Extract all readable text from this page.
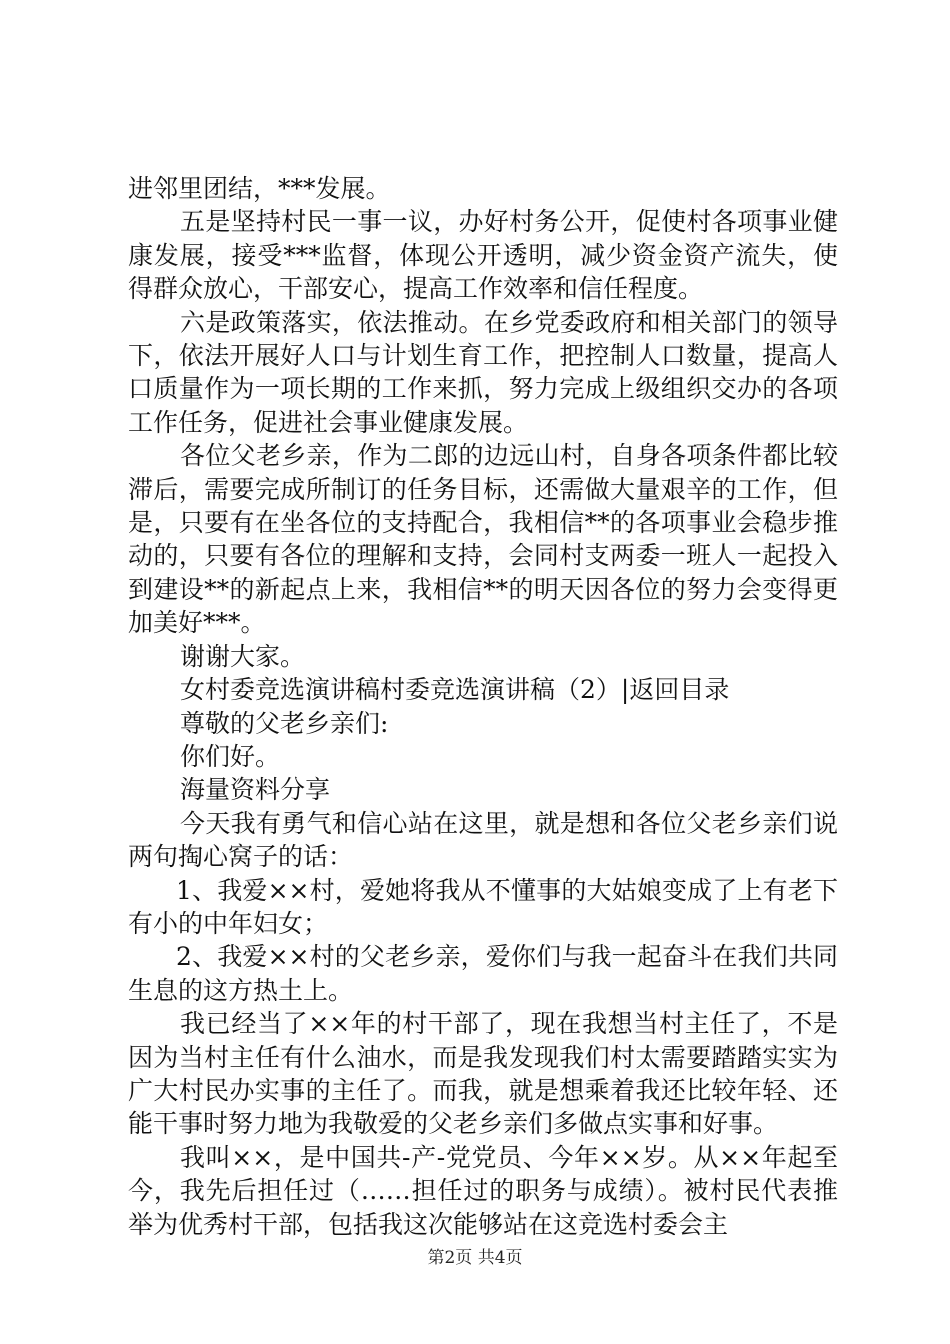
进邻里团结，***发展。

五是坚持村民一事一议，办好村务公开，促使村各项事业健康发展，接受***监督，体现公开透明，减少资金资产流失，使得群众放心，干部安心，提高工作效率和信任程度。

六是政策落实，依法推动。在乡党委政府和相关部门的领导下，依法开展好人口与计划生育工作，把控制人口数量，提高人口质量作为一项长期的工作来抓，努力完成上级组织交办的各项工作任务，促进社会事业健康发展。

各位父老乡亲，作为二郎的边远山村，自身各项条件都比较滞后，需要完成所制订的任务目标，还需做大量艰辛的工作，但是，只要有在坐各位的支持配合，我相信**的各项事业会稳步推动的，只要有各位的理解和支持，会同村支两委一班人一起投入到建设**的新起点上来，我相信**的明天因各位的努力会变得更加美好***。

谢谢大家。

女村委竞选演讲稿村委竞选演讲稿（2）|返回目录

尊敬的父老乡亲们:

你们好。

海量资料分享

今天我有勇气和信心站在这里，就是想和各位父老乡亲们说两句掏心窝子的话：

1、我爱××村，爱她将我从不懂事的大姑娘变成了上有老下有小的中年妇女；

2、我爱××村的父老乡亲，爱你们与我一起奋斗在我们共同生息的这方热土上。

我已经当了××年的村干部了，现在我想当村主任了，不是因为当村主任有什么油水，而是我发现我们村太需要踏踏实实为广大村民办实事的主任了。而我，就是想乘着我还比较年轻、还能干事时努力地为我敬爱的父老乡亲们多做点实事和好事。

我叫××，是中国共-产-党党员、今年××岁。从××年起至今，我先后担任过（……担任过的职务与成绩）。被村民代表推举为优秀村干部，包括我这次能够站在这竞选村委会主

第2页 共4页
